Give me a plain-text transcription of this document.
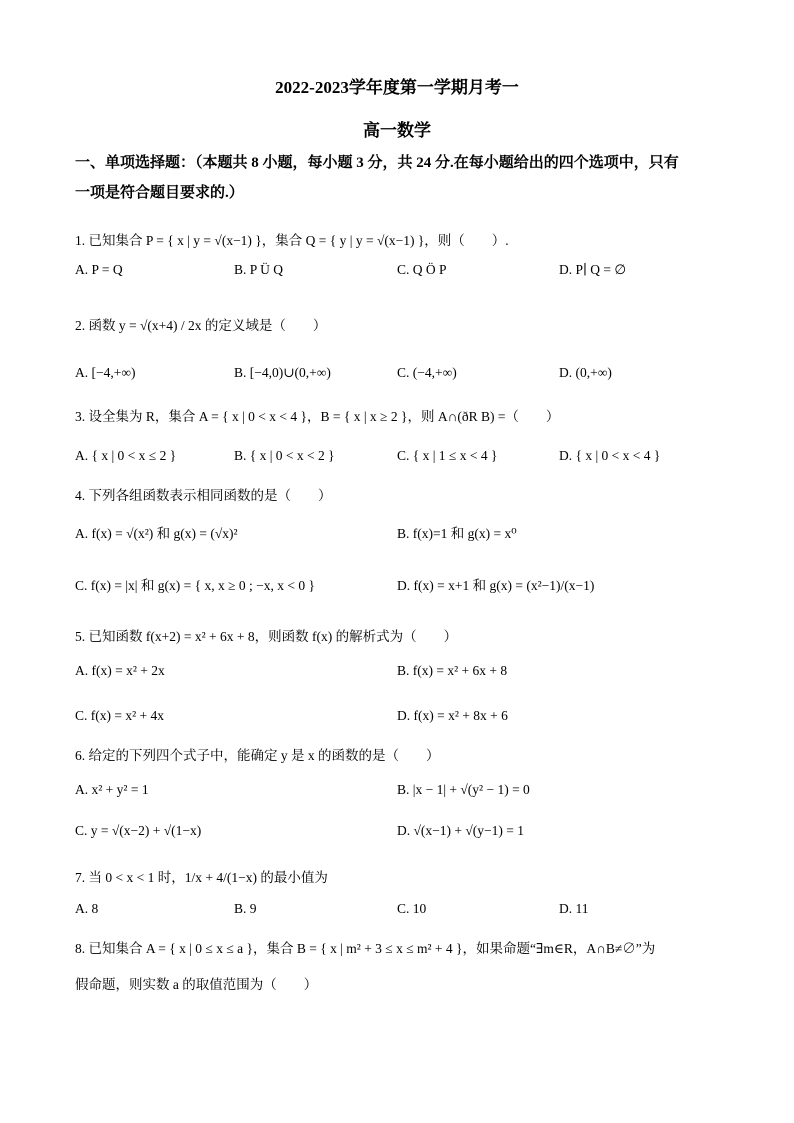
2022-2023学年度第一学期月考一
高一数学
一、单项选择题：（本题共 8 小题，每小题 3 分，共 24 分.在每小题给出的四个选项中，只有
一项是符合题目要求的.）
1. 已知集合 P = { x | y = √(x−1) }，集合 Q = { y | y = √(x−1) }，则（　　）.
A. P = Q	B. P Ü Q	C. Q Ö P	D. P∣ Q = ∅
2. 函数 y = √(x+4) / 2x 的定义域是（　　）
A. [−4,+∞)	B. [−4,0)∪(0,+∞)	C. (−4,+∞)	D. (0,+∞)
3. 设全集为 R，集合 A = { x | 0 < x < 4 }，B = { x | x ≥ 2 }，则 A∩(ðR B) =（　　）
A. { x | 0 < x ≤ 2 }	B. { x | 0 < x < 2 }	C. { x | 1 ≤ x < 4 }	D. { x | 0 < x < 4 }
4. 下列各组函数表示相同函数的是（　　）
A. f(x) = √(x²) 和 g(x) = (√x)²	B. f(x)=1 和 g(x) = x⁰
C. f(x) = |x| 和 g(x) = { x, x ≥ 0 ; −x, x < 0 }	D. f(x) = x+1 和 g(x) = (x²−1)/(x−1)
5. 已知函数 f(x+2) = x² + 6x + 8，则函数 f(x) 的解析式为（　　）
A. f(x) = x² + 2x	B. f(x) = x² + 6x + 8
C. f(x) = x² + 4x	D. f(x) = x² + 8x + 6
6. 给定的下列四个式子中，能确定 y 是 x 的函数的是（　　）
A. x² + y² = 1	B. |x − 1| + √(y² − 1) = 0
C. y = √(x−2) + √(1−x)	D. √(x−1) + √(y−1) = 1
7. 当 0 < x < 1 时，1/x + 4/(1−x) 的最小值为
A. 8	B. 9	C. 10	D. 11
8. 已知集合 A = { x | 0 ≤ x ≤ a }，集合 B = { x | m² + 3 ≤ x ≤ m² + 4 }，如果命题“∃m∈R，A∩B≠∅”为
假命题，则实数 a 的取值范围为（　　）
